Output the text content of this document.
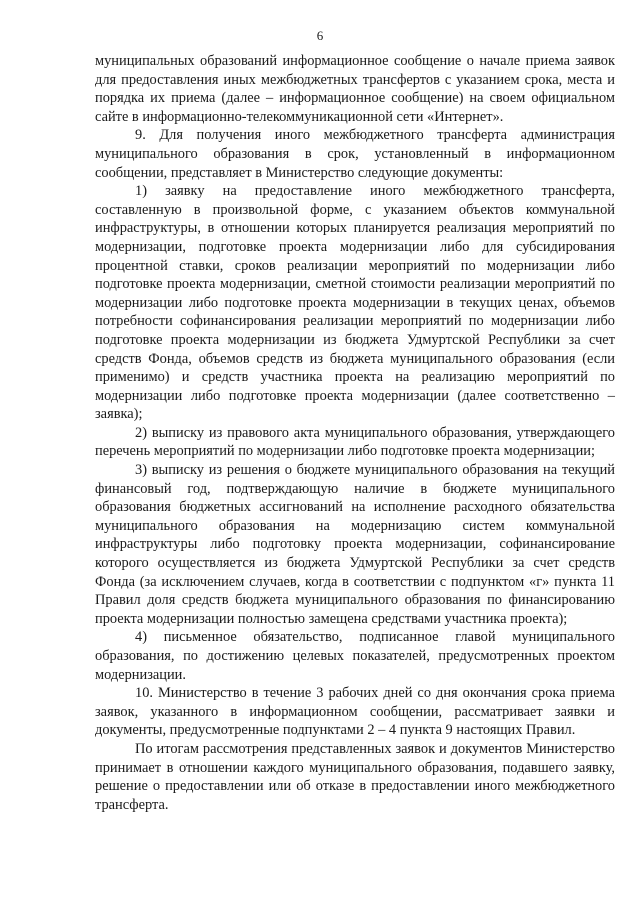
6

муниципальных образований информационное сообщение о начале приема заявок для предоставления иных межбюджетных трансфертов с указанием срока, места и порядка их приема (далее – информационное сообщение) на своем официальном сайте в информационно-телекоммуникационной сети «Интернет».

9. Для получения иного межбюджетного трансферта администрация муниципального образования в срок, установленный в информационном сообщении, представляет в Министерство следующие документы:

1) заявку на предоставление иного межбюджетного трансферта, составленную в произвольной форме, с указанием объектов коммунальной инфраструктуры, в отношении которых планируется реализация мероприятий по модернизации, подготовке проекта модернизации либо для субсидирования процентной ставки, сроков реализации мероприятий по модернизации либо подготовке проекта модернизации, сметной стоимости реализации мероприятий по модернизации либо подготовке проекта модернизации в текущих ценах, объемов потребности софинансирования реализации мероприятий по модернизации либо подготовке проекта модернизации из бюджета Удмуртской Республики за счет средств Фонда, объемов средств из бюджета муниципального образования (если применимо) и средств участника проекта на реализацию мероприятий по модернизации либо подготовке проекта модернизации (далее соответственно – заявка);

2) выписку из правового акта муниципального образования, утверждающего перечень мероприятий по модернизации либо подготовке проекта модернизации;

3) выписку из решения о бюджете муниципального образования на текущий финансовый год, подтверждающую наличие в бюджете муниципального образования бюджетных ассигнований на исполнение расходного обязательства муниципального образования на модернизацию систем коммунальной инфраструктуры либо подготовку проекта модернизации, софинансирование которого осуществляется из бюджета Удмуртской Республики за счет средств Фонда (за исключением случаев, когда в соответствии с подпунктом «г» пункта 11 Правил доля средств бюджета муниципального образования по финансированию проекта модернизации полностью замещена средствами участника проекта);

4) письменное обязательство, подписанное главой муниципального образования, по достижению целевых показателей, предусмотренных проектом модернизации.

10. Министерство в течение 3 рабочих дней со дня окончания срока приема заявок, указанного в информационном сообщении, рассматривает заявки и документы, предусмотренные подпунктами 2 – 4 пункта 9 настоящих Правил.

По итогам рассмотрения представленных заявок и документов Министерство принимает в отношении каждого муниципального образования, подавшего заявку, решение о предоставлении или об отказе в предоставлении иного межбюджетного трансферта.
